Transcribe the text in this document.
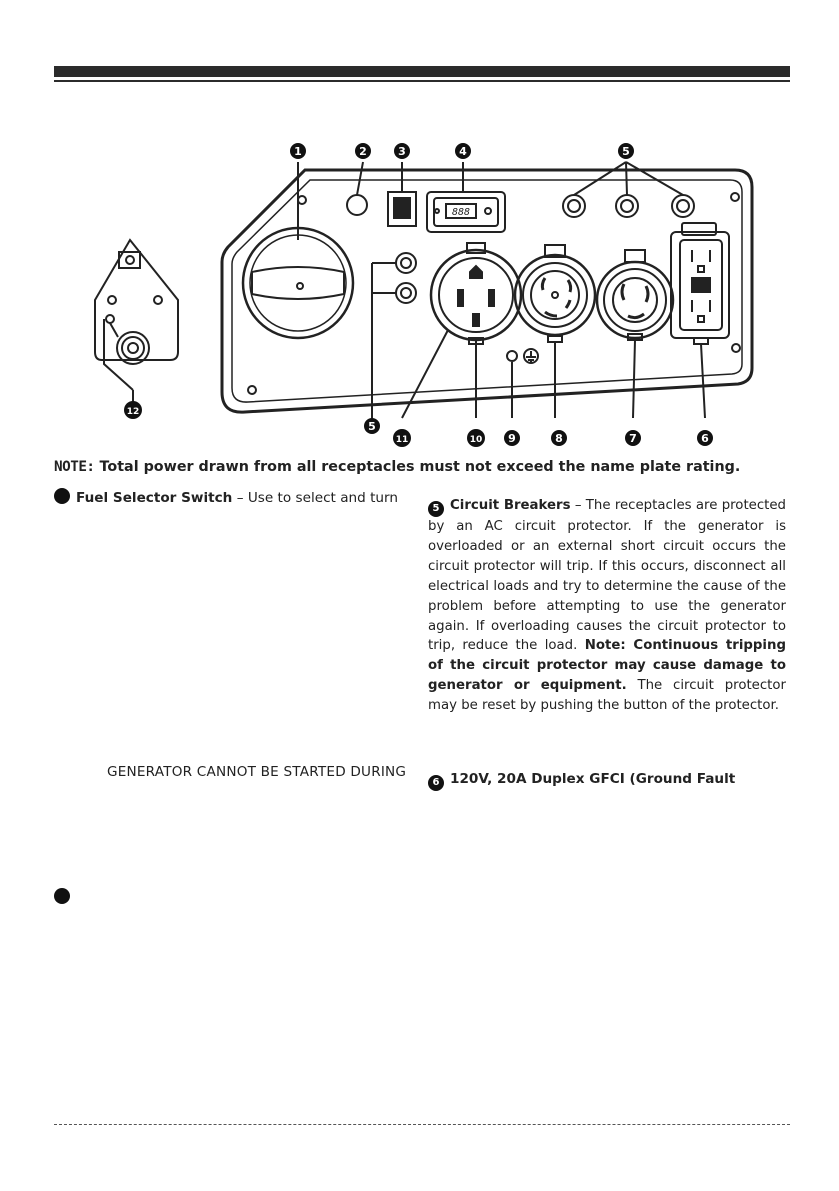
1	2	3	4	5
5
6
7
8
9
10
11
12
888
NOTE: Total power drawn from all receptacles must not exceed the name plate rating.
Fuel Selector Switch – Use to select and turn
5 Circuit Breakers – The receptacles are protected by an AC circuit protector. If the generator is overloaded or an external short circuit occurs the circuit protector will trip. If this occurs, disconnect all electrical loads and try to determine the cause of the problem before attempting to use the generator again. If overloading causes the circuit protector to trip, reduce the load. Note: Continuous tripping of the circuit protector may cause damage to generator or equipment. The circuit protector may be reset by pushing the button of the protector.
GENERATOR CANNOT BE STARTED DURING
6 120V, 20A Duplex GFCI (Ground Fault
